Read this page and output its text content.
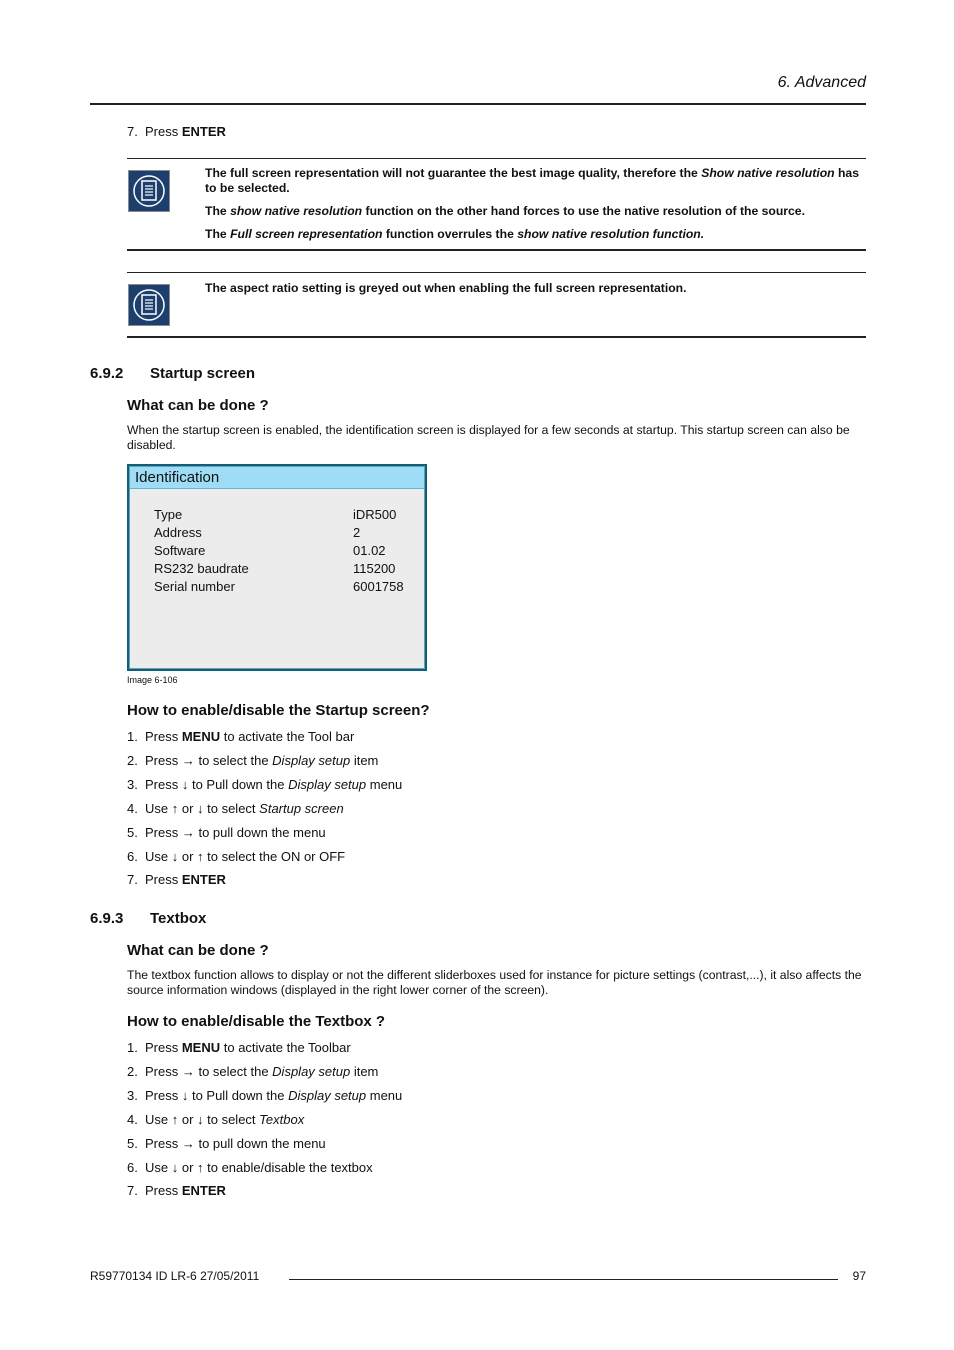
6. Advanced
7. Press ENTER

The full screen representation will not guarantee the best image quality, therefore the Show native resolution has to be selected.

The show native resolution function on the other hand forces to use the native resolution of the source.

The Full screen representation function overrules the show native resolution function.

The aspect ratio setting is greyed out when enabling the full screen representation.
6.9.2 Startup screen
What can be done ?
When the startup screen is enabled, the identification screen is displayed for a few seconds at startup. This startup screen can also be disabled.
Identification
Type	iDR500
Address	2
Software	01.02
RS232 baudrate	115200
Serial number	6001758
Image 6-106
How to enable/disable the Startup screen?
1. Press MENU to activate the Tool bar
2. Press → to select the Display setup item
3. Press ↓ to Pull down the Display setup menu
4. Use ↑ or ↓ to select Startup screen
5. Press → to pull down the menu
6. Use ↓ or ↑ to select the ON or OFF
7. Press ENTER
6.9.3 Textbox
What can be done ?
The textbox function allows to display or not the different sliderboxes used for instance for picture settings (contrast,...), it also affects the source information windows (displayed in the right lower corner of the screen).
How to enable/disable the Textbox ?
1. Press MENU to activate the Toolbar
2. Press → to select the Display setup item
3. Press ↓ to Pull down the Display setup menu
4. Use ↑ or ↓ to select Textbox
5. Press → to pull down the menu
6. Use ↓ or ↑ to enable/disable the textbox
7. Press ENTER
R59770134 ID LR-6 27/05/2011	97
